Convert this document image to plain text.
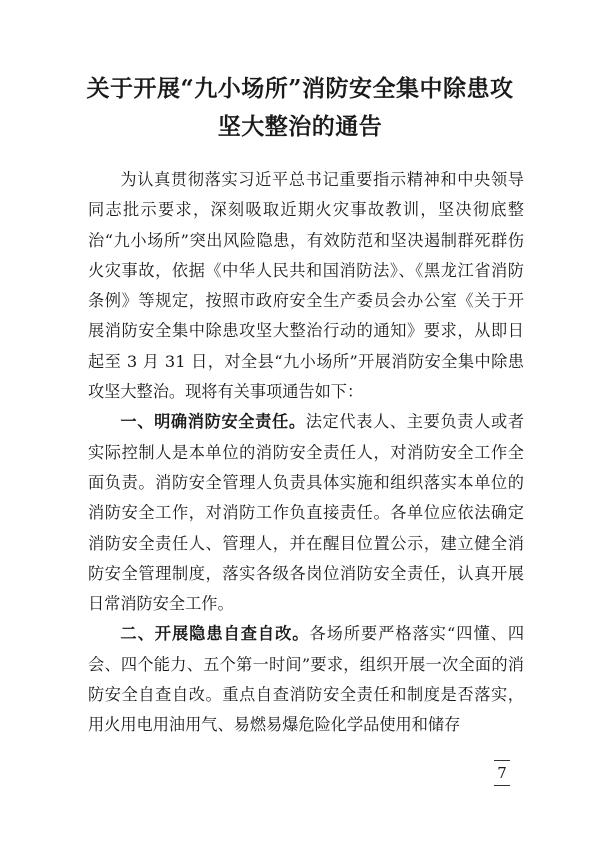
关于开展“九小场所”消防安全集中除患攻
坚大整治的通告

为认真贯彻落实习近平总书记重要指示精神和中央领导同志批示要求，深刻吸取近期火灾事故教训，坚决彻底整治“九小场所”突出风险隐患，有效防范和坚决遏制群死群伤火灾事故，依据《中华人民共和国消防法》、《黑龙江省消防条例》等规定，按照市政府安全生产委员会办公室《关于开展消防安全集中除患攻坚大整治行动的通知》要求，从即日起至 3 月 31 日，对全县“九小场所”开展消防安全集中除患攻坚大整治。现将有关事项通告如下：

一、明确消防安全责任。法定代表人、主要负责人或者实际控制人是本单位的消防安全责任人，对消防安全工作全面负责。消防安全管理人负责具体实施和组织落实本单位的消防安全工作，对消防工作负直接责任。各单位应依法确定消防安全责任人、管理人，并在醒目位置公示，建立健全消防安全管理制度，落实各级各岗位消防安全责任，认真开展日常消防安全工作。

二、开展隐患自查自改。各场所要严格落实“四懂、四会、四个能力、五个第一时间”要求，组织开展一次全面的消防安全自查自改。重点自查消防安全责任和制度是否落实，用火用电用油用气、易燃易爆危险化学品使用和储存

7
